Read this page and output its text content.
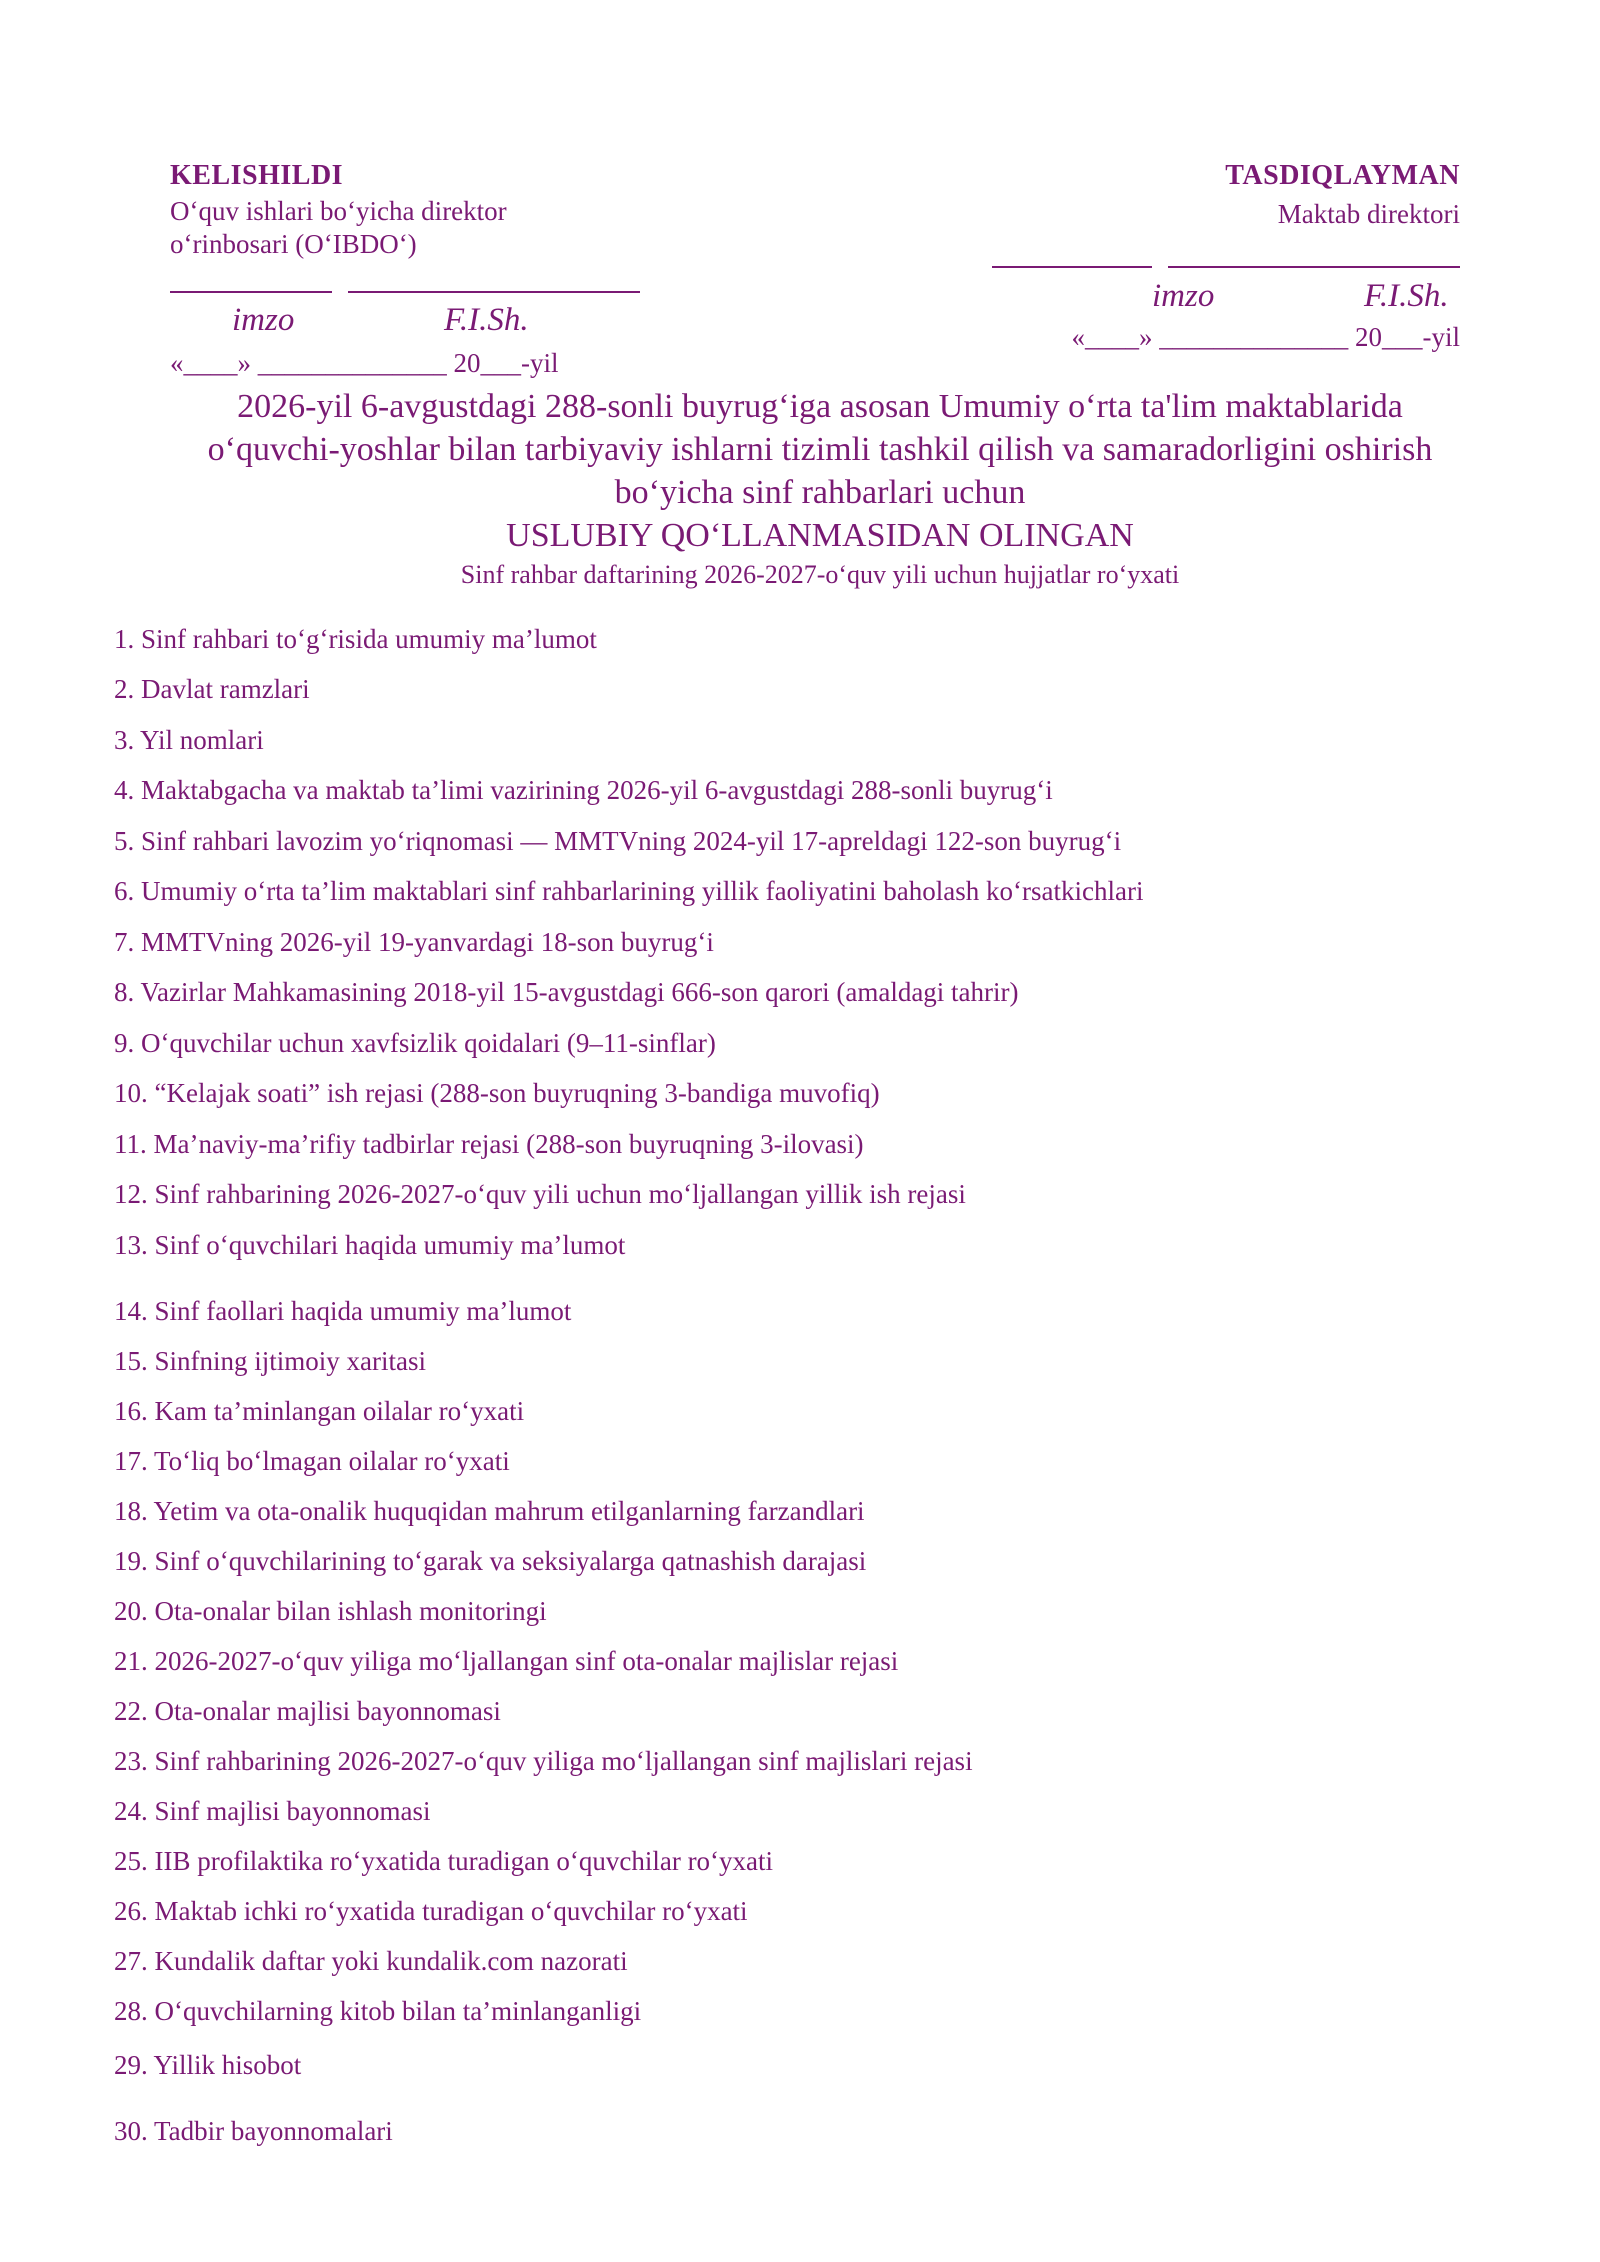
KELISHILDI
O‘quv ishlari bo‘yicha direktor
o‘rinbosari (O‘IBDO‘)
imzo	F.I.Sh.
«____» ______________ 20___-yil
TASDIQLAYMAN
Maktab direktori
imzo	F.I.Sh.
«____» ______________ 20___-yil
2026-yil 6-avgustdagi 288-sonli buyrug‘iga asosan Umumiy o‘rta ta'lim maktablarida
o‘quvchi-yoshlar bilan tarbiyaviy ishlarni tizimli tashkil qilish va samaradorligini oshirish
bo‘yicha sinf rahbarlari uchun
USLUBIY QO‘LLANMASIDAN OLINGAN
Sinf rahbar daftarining 2026-2027-o‘quv yili uchun hujjatlar ro‘yxati
1. Sinf rahbari to‘g‘risida umumiy ma’lumot
2. Davlat ramzlari
3. Yil nomlari
4. Maktabgacha va maktab ta’limi vazirining 2026-yil 6-avgustdagi 288-sonli buyrug‘i
5. Sinf rahbari lavozim yo‘riqnomasi — MMTVning 2024-yil 17-apreldagi 122-son buyrug‘i
6. Umumiy o‘rta ta’lim maktablari sinf rahbarlarining yillik faoliyatini baholash ko‘rsatkichlari
7. MMTVning 2026-yil 19-yanvardagi 18-son buyrug‘i
8. Vazirlar Mahkamasining 2018-yil 15-avgustdagi 666-son qarori (amaldagi tahrir)
9. O‘quvchilar uchun xavfsizlik qoidalari (9–11-sinflar)
10. “Kelajak soati” ish rejasi (288-son buyruqning 3-bandiga muvofiq)
11. Ma’naviy-ma’rifiy tadbirlar rejasi (288-son buyruqning 3-ilovasi)
12. Sinf rahbarining 2026-2027-o‘quv yili uchun mo‘ljallangan yillik ish rejasi
13. Sinf o‘quvchilari haqida umumiy ma’lumot
14. Sinf faollari haqida umumiy ma’lumot
15. Sinfning ijtimoiy xaritasi
16. Kam ta’minlangan oilalar ro‘yxati
17. To‘liq bo‘lmagan oilalar ro‘yxati
18. Yetim va ota-onalik huquqidan mahrum etilganlarning farzandlari
19. Sinf o‘quvchilarining to‘garak va seksiyalarga qatnashish darajasi
20. Ota-onalar bilan ishlash monitoringi
21. 2026-2027-o‘quv yiliga mo‘ljallangan sinf ota-onalar majlislar rejasi
22. Ota-onalar majlisi bayonnomasi
23. Sinf rahbarining 2026-2027-o‘quv yiliga mo‘ljallangan sinf majlislari rejasi
24. Sinf majlisi bayonnomasi
25. IIB profilaktika ro‘yxatida turadigan o‘quvchilar ro‘yxati
26. Maktab ichki ro‘yxatida turadigan o‘quvchilar ro‘yxati
27. Kundalik daftar yoki kundalik.com nazorati
28. O‘quvchilarning kitob bilan ta’minlanganligi
29. Yillik hisobot
30. Tadbir bayonnomalari
